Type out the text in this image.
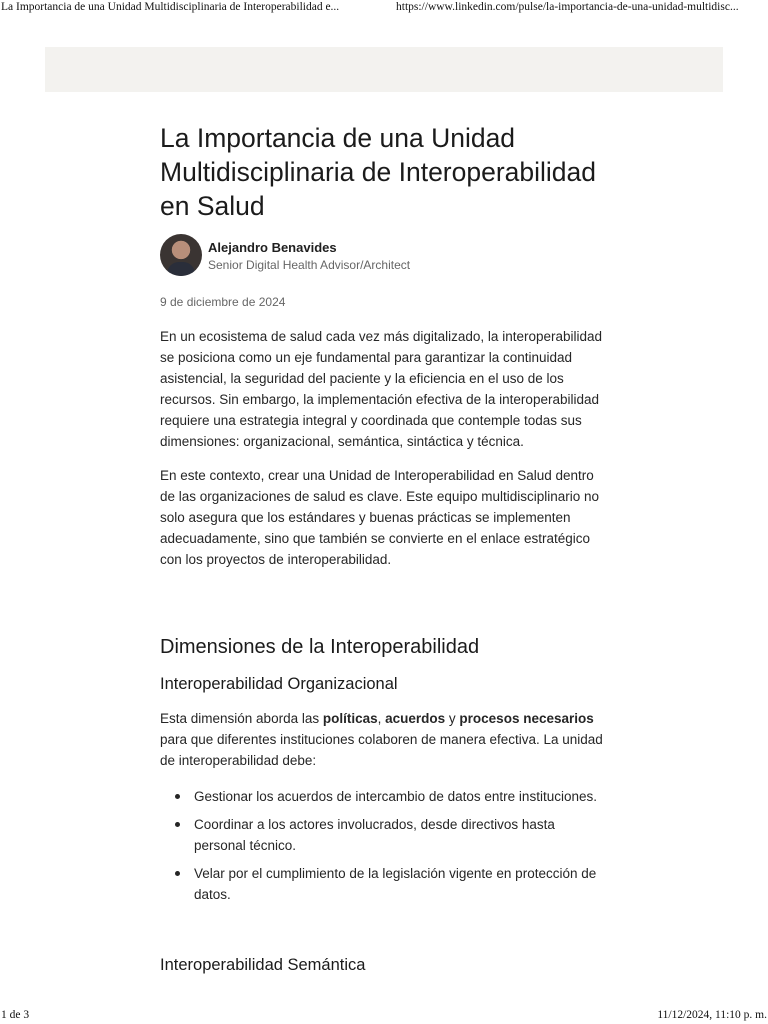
La Importancia de una Unidad Multidisciplinaria de Interoperabilidad e...	https://www.linkedin.com/pulse/la-importancia-de-una-unidad-multidisc...
La Importancia de una Unidad Multidisciplinaria de Interoperabilidad en Salud
Alejandro Benavides
Senior Digital Health Advisor/Architect
9 de diciembre de 2024

En un ecosistema de salud cada vez más digitalizado, la interoperabilidad se posiciona como un eje fundamental para garantizar la continuidad asistencial, la seguridad del paciente y la eficiencia en el uso de los recursos. Sin embargo, la implementación efectiva de la interoperabilidad requiere una estrategia integral y coordinada que contemple todas sus dimensiones: organizacional, semántica, sintáctica y técnica.

En este contexto, crear una Unidad de Interoperabilidad en Salud dentro de las organizaciones de salud es clave. Este equipo multidisciplinario no solo asegura que los estándares y buenas prácticas se implementen adecuadamente, sino que también se convierte en el enlace estratégico con los proyectos de interoperabilidad.

Dimensiones de la Interoperabilidad
Interoperabilidad Organizacional

Esta dimensión aborda las políticas, acuerdos y procesos necesarios para que diferentes instituciones colaboren de manera efectiva. La unidad de interoperabilidad debe:

Gestionar los acuerdos de intercambio de datos entre instituciones.
Coordinar a los actores involucrados, desde directivos hasta personal técnico.
Velar por el cumplimiento de la legislación vigente en protección de datos.
Interoperabilidad Semántica
1 de 3	11/12/2024, 11:10 p. m.
